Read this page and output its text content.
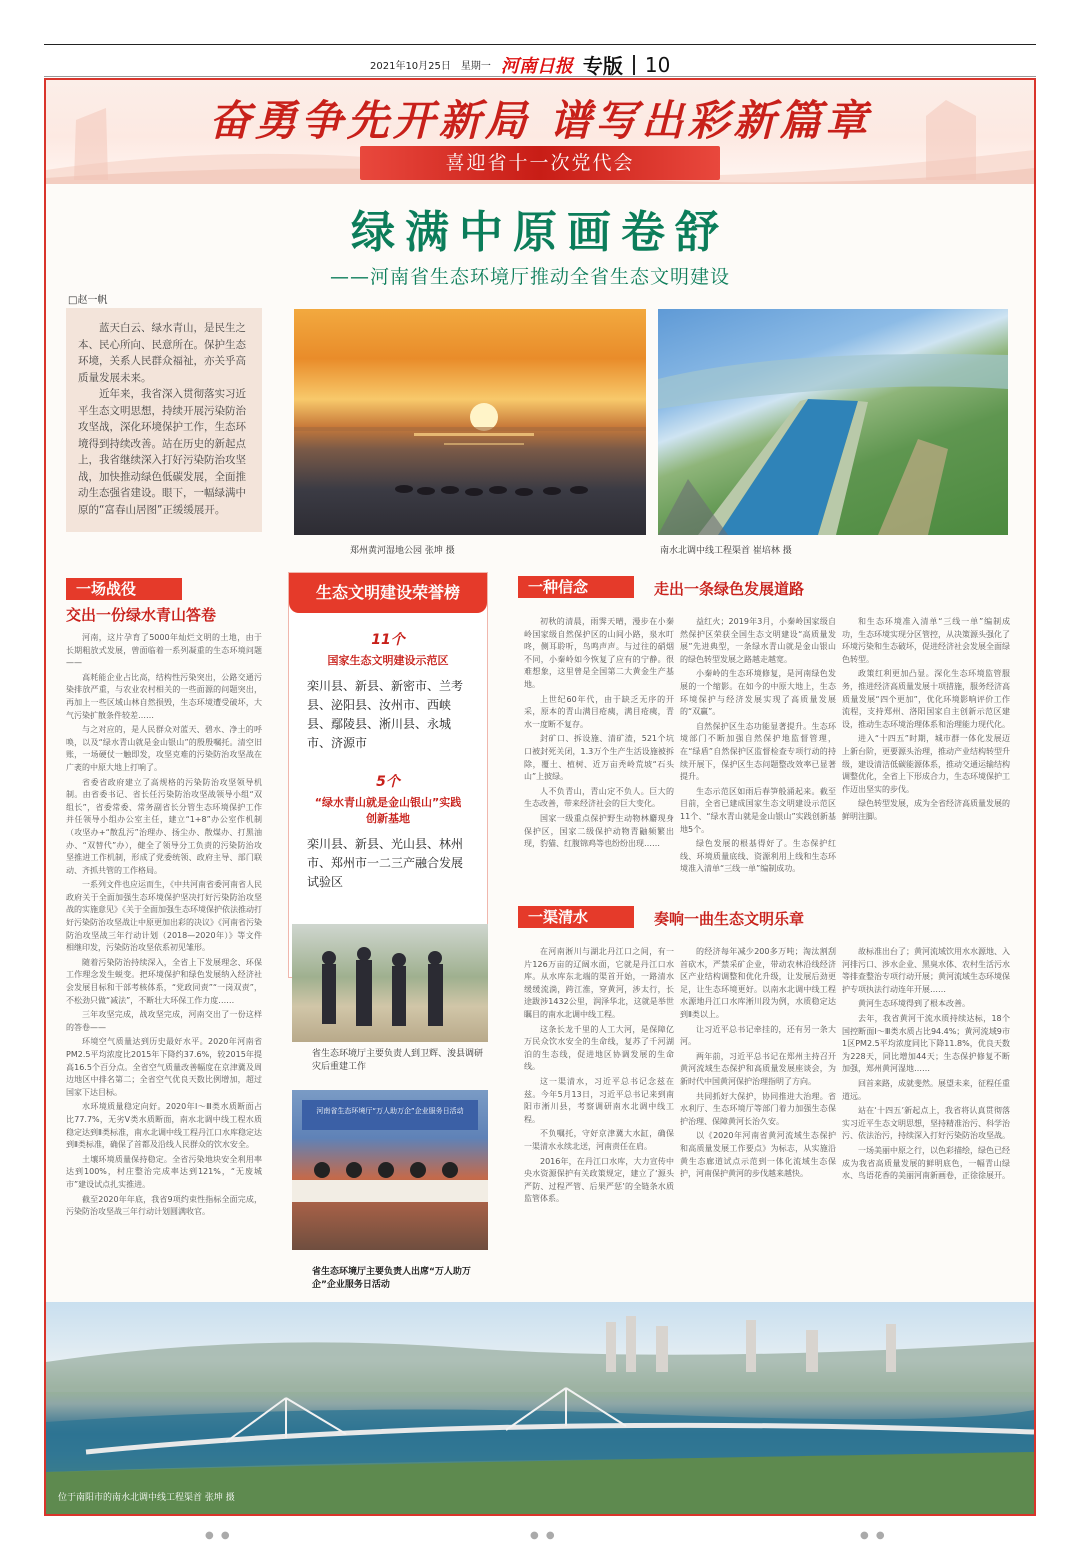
2021年10月25日 星期一 河南日报 专版 10
奋勇争先开新局 谱写出彩新篇章
喜迎省十一次党代会
绿满中原画卷舒
——河南省生态环境厅推动全省生态文明建设
□赵一帆

蓝天白云、绿水青山，是民生之本、民心所向、民意所在。保护生态环境，关系人民群众福祉，亦关乎高质量发展未来。

近年来，我省深入贯彻落实习近平生态文明思想，持续开展污染防治攻坚战，深化环境保护工作，生态环境得到持续改善。站在历史的新起点上，我省继续深入打好污染防治攻坚战，加快推动绿色低碳发展，全面推动生态强省建设。眼下，一幅绿满中原的“富春山居图”正缓缓展开。

郑州黄河湿地公园 张坤 摄	南水北调中线工程渠首 崔培林 摄
一场战役
交出一份绿水青山答卷

河南，这片孕育了5000年灿烂文明的土地，由于长期粗放式发展，曾面临着一系列凝重的生态环境问题——

高耗能企业占比高，结构性污染突出，公路交通污染排放严重，与农业农村相关的一些面源的问题突出，再加上一些区域山林自然损毁，生态环境遭受破坏，大气污染扩散条件较差……

与之对应的，是人民群众对蓝天、碧水、净土的呼唤，以及“绿水青山就是金山银山”的殷殷嘱托。清空旧账，一场硬仗一触即发，攻坚克难的污染防治攻坚战在广袤的中原大地上打响了。

省委省政府建立了高规格的污染防治攻坚领导机制。由省委书记、省长任污染防治攻坚战领导小组“双组长”，省委常委、常务副省长分管生态环境保护工作并任领导小组办公室主任，建立“1+8”办公室作机制（攻坚办+“散乱污”治理办、扬尘办、散煤办、打黑油办、“双替代”办），健全了领导分工负责的污染防治攻坚推进工作机制，形成了党委统领、政府主导、部门联动、齐抓共管的工作格局。

一系列文件也应运而生，《中共河南省委河南省人民政府关于全面加强生态环境保护坚决打好污染防治攻坚战的实施意见》《关于全面加强生态环境保护依法推动打好污染防治攻坚战让中原更加出彩的决议》《河南省污染防治攻坚战三年行动计划（2018—2020年）》等文件相继印发，污染防治攻坚依系初见雏形。

随着污染防治持续深入，全省上下发展理念、环保工作理念发生蜕变。把环境保护和绿色发展纳入经济社会发展目标和干部考核体系，“党政同责”“一岗双责”，不松劲只做“减法”，不断壮大环保工作力度……

三年攻坚完成，战攻坚完成，河南交出了一份这样的答卷——

环境空气质量达到历史最好水平。2020年河南省PM2.5平均浓度比2015年下降约37.6%，较2015年提高16.5个百分点。全省空气质量改善幅度在京津冀及周边地区中排名第二；全省空气优良天数比例增加，超过国家下达目标。

水环境质量稳定向好。2020年Ⅰ～Ⅲ类水质断面占比77.7%，无劣Ⅴ类水质断面，南水北调中线工程水质稳定达到Ⅱ类标准，南水北调中线工程丹江口水库稳定达到Ⅱ类标准，确保了首都及沿线人民群众的饮水安全。

土壤环境质量保持稳定。全省污染地块安全利用率达到100%，村庄整治完成率达到121%，“无废城市”建设试点扎实推进。

截至2020年年底，我省9项约束性指标全面完成，污染防治攻坚战三年行动计划圆满收官。

生态文明建设荣誉榜
11个
国家生态文明建设示范区
栾川县、新县、新密市、兰考县、泌阳县、汝州市、西峡县、鄢陵县、淅川县、永城市、济源市
5个
“绿水青山就是金山银山”实践创新基地
栾川县、新县、光山县、林州市、郑州市一二三产融合发展试验区
省生态环境厅主要负责人到卫辉、浚县调研灾后重建工作
河南省生态环境厅“万人助万企”企业服务日活动
省生态环境厅主要负责人出席“万人助万企”企业服务日活动
一种信念	走出一条绿色发展道路

初秋的清晨，雨霁天晴，漫步在小秦岭国家级自然保护区的山间小路，泉水叮咚，侧耳聆听，鸟鸣声声。与过往的硝烟不同，小秦岭如今恢复了应有的宁静。很难想象，这里曾是全国第二大黄金生产基地。

上世纪60年代，由于缺乏无序的开采，原本的青山满目疮痍，满目疮痍，青水一度断不复存。

封矿口、拆设施、清矿渣，521个坑口被封死关闭，1.3万个生产生活设施被拆除，覆土、植树、近万亩秃岭荒坡“石头山”上披绿。

人不负青山，青山定不负人。巨大的生态改善，带来经济社会的巨大变化。

国家一级重点保护野生动物林麝现身保护区，国家二级保护动物青鼬频繁出现，豹猫、红腹锦鸡等也纷纷出现……

益红火；2019年3月，小秦岭国家级自然保护区荣获全国生态文明建设“高质量发展”先进典型，一条绿水青山就是金山银山的绿色转型发展之路越走越宽。

小秦岭的生态环境修复，是河南绿色发展的一个缩影。在如今的中原大地上，生态环境保护与经济发展实现了高质量发展的“双赢”。

自然保护区生态功能显著提升。生态环境部门不断加强自然保护地监督管理，在“绿盾”自然保护区监督检查专项行动的持续开展下，保护区生态问题整改效率已显著提升。

生态示范区如雨后春笋般涌起来。截至目前，全省已建成国家生态文明建设示范区11个、“绿水青山就是金山银山”实践创新基地5个。

绿色发展的根基得好了。生态保护红线、环境质量底线、资源利用上线和生态环境准入清单“三线一单”编制成功。

和生态环境准入清单“三线一单”编制成功，生态环境实现分区管控，从决策源头强化了环境污染和生态破坏，促进经济社会发展全面绿色转型。

政策红利更加凸显。深化生态环境监管服务，推进经济高质量发展十项措施，服务经济高质量发展“四个更加”，优化环境影响评价工作流程，支持郑州、洛阳国家自主创新示范区建设，推动生态环境治理体系和治理能力现代化。

进入“十四五”时期，城市群一体化发展迈上新台阶，更要源头治理，推动产业结构转型升级，建设清洁低碳能源体系，推动交通运输结构调整优化，全省上下形成合力，生态环境保护工作迈出坚实的步伐。

绿色转型发展，成为全省经济高质量发展的鲜明注脚。

一渠清水	奏响一曲生态文明乐章

在河南淅川与湖北丹江口之间，有一片126万亩的辽阔水面，它就是丹江口水库。从水库东北端的渠首开始，一路清水缓缓流淌，跨江淮，穿黄河，涉太行，长途跋涉1432公里，润泽华北，这就是举世瞩目的南水北调中线工程。

这条长龙千里的人工大河，是保障亿万民众饮水安全的生命线，复苏了千河湖泊的生态线，促进地区协调发展的生命线。

这一渠清水，习近平总书记念兹在兹。今年5月13日，习近平总书记来到南阳市淅川县，考察调研南水北调中线工程。

不负嘱托，守好京津冀大水缸，确保一渠清水永续北送，河南责任在肩。

2016年，在丹江口水库，大力宣传中央水资源保护有关政策规定，建立了‘源头严防、过程严管、后果严惩’的全链条水质监管体系。

的经济每年减少200多万吨；淘汰割刮首砍木，严禁采矿企业，带动农林沿线经济区产业结构调整和优化升级，让发展后劲更足，让生态环境更好。以南水北调中线工程水源地丹江口水库淅川段为例，水质稳定达到Ⅱ类以上。

让习近平总书记牵挂的，还有另一条大河。

两年前，习近平总书记在郑州主持召开黄河流域生态保护和高质量发展座谈会，为新时代中国黄河保护治理指明了方向。

共同抓好大保护，协同推进大治理。省水利厅、生态环境厅等部门着力加强生态保护治理、保障黄河长治久安。

以《2020年河南省黄河流域生态保护和高质量发展工作要点》为标志，从实施沿黄生态廊道试点示范到一体化流域生态保护，河南保护黄河的步伐越来越快。

故标准出台了；黄河流域饮用水水源地、入河排污口、涉水企业、黑臭水体、农村生活污水等排查整治专项行动开展；黄河流域生态环境保护专项执法行动连年开展……

黄河生态环境得到了根本改善。

去年，我省黄河干流水质持续达标，18个国控断面Ⅰ～Ⅲ类水质占比94.4%；黄河流域9市1区PM2.5平均浓度同比下降11.8%，优良天数为228天，同比增加44天；生态保护修复不断加强，郑州黄河湿地……

回首来路，成就斐然。展望未来，征程任重道远。

站在‘十四五’新起点上，我省将认真贯彻落实习近平生态文明思想，坚持精准治污、科学治污、依法治污，持续深入打好污染防治攻坚战。

一场美丽中原之行，以色彩描绘，绿色已经成为我省高质量发展的鲜明底色，一幅青山绿水、鸟语花香的美丽河南新画卷，正徐徐展开。

位于南阳市的南水北调中线工程渠首 张坤 摄
● ●	● ●	● ●
